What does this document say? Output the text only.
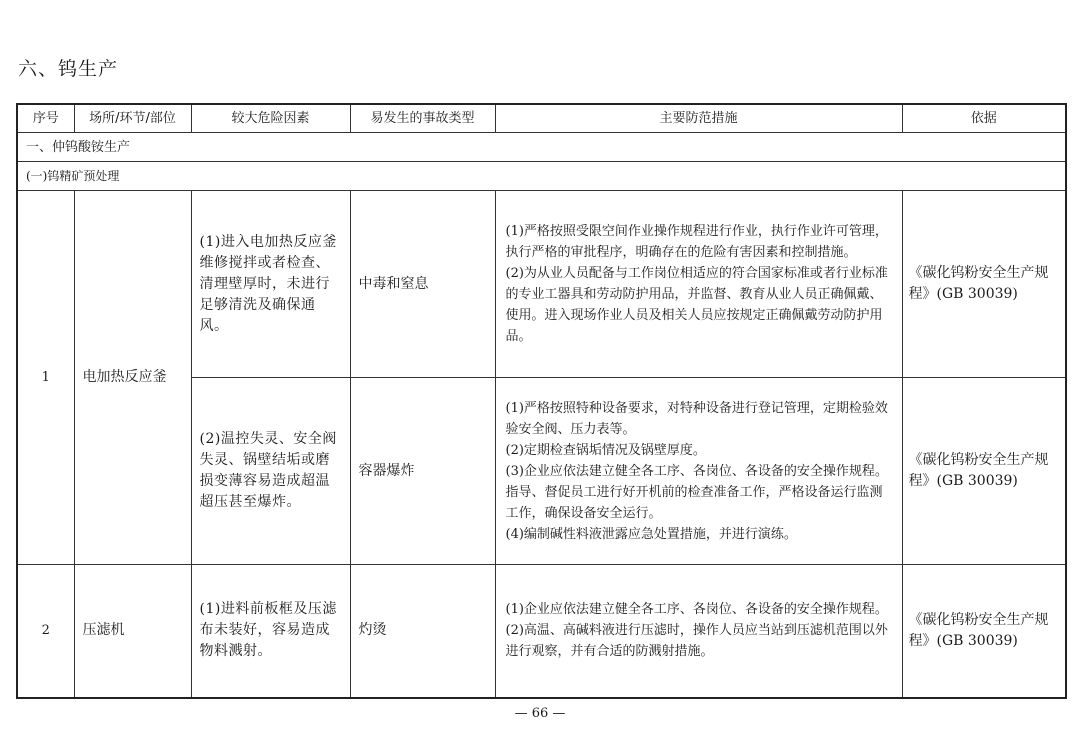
六、钨生产
序号	场所/环节/部位	较大危险因素	易发生的事故类型	主要防范措施	依据
一、仲钨酸铵生产					
(一)钨精矿预处理					
1	电加热反应釜	(1)进入电加热反应釜维修搅拌或者检查、清理壁厚时，未进行足够清洗及确保通风。	中毒和窒息	(1)严格按照受限空间作业操作规程进行作业，执行作业许可管理，执行严格的审批程序，明确存在的危险有害因素和控制措施。
(2)为从业人员配备与工作岗位相适应的符合国家标准或者行业标准的专业工器具和劳动防护用品，并监督、教育从业人员正确佩戴、使用。进入现场作业人员及相关人员应按规定正确佩戴劳动防护用品。	《碳化钨粉安全生产规程》(GB 30039)
		(2)温控失灵、安全阀失灵、锅壁结垢或磨损变薄容易造成超温超压甚至爆炸。	容器爆炸	(1)严格按照特种设备要求，对特种设备进行登记管理，定期检验效验安全阀、压力表等。
(2)定期检查锅垢情况及锅壁厚度。
(3)企业应依法建立健全各工序、各岗位、各设备的安全操作规程。指导、督促员工进行好开机前的检查准备工作，严格设备运行监测工作，确保设备安全运行。
(4)编制碱性料液泄露应急处置措施，并进行演练。	《碳化钨粉安全生产规程》(GB 30039)
2	压滤机	(1)进料前板框及压滤布未装好，容易造成物料溅射。	灼烫	(1)企业应依法建立健全各工序、各岗位、各设备的安全操作规程。
(2)高温、高碱料液进行压滤时，操作人员应当站到压滤机范围以外进行观察，并有合适的防溅射措施。	《碳化钨粉安全生产规程》(GB 30039)
— 66 —
